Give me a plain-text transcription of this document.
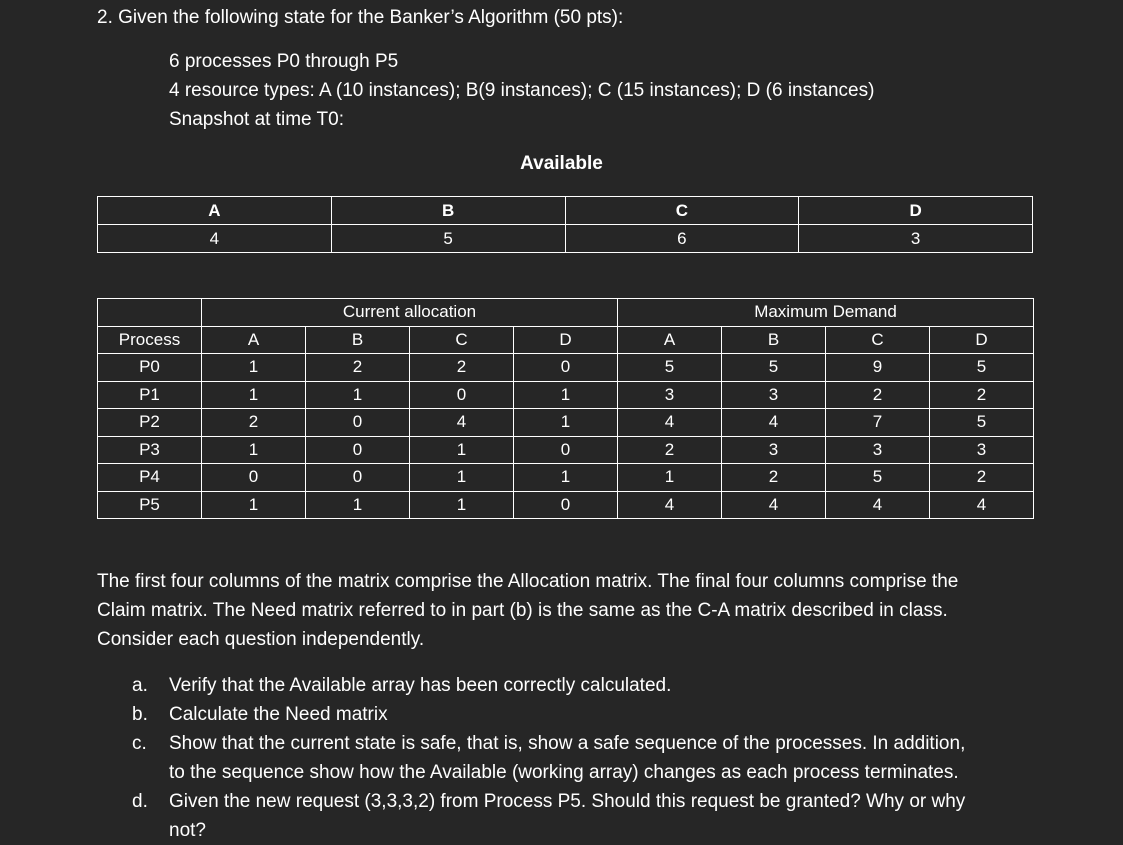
2. Given the following state for the Banker’s Algorithm (50 pts):
6 processes P0 through P5
4 resource types: A (10 instances); B(9 instances); C (15 instances); D (6 instances)
Snapshot at time T0:
Available
A	B	C	D
4	5	6	3
	Current allocation				Maximum Demand			
Process	A	B	C	D	A	B	C	D
P0	1	2	2	0	5	5	9	5
P1	1	1	0	1	3	3	2	2
P2	2	0	4	1	4	4	7	5
P3	1	0	1	0	2	3	3	3
P4	0	0	1	1	1	2	5	2
P5	1	1	1	0	4	4	4	4
The first four columns of the matrix comprise the Allocation matrix. The final four columns comprise the
Claim matrix. The Need matrix referred to in part (b) is the same as the C-A matrix described in class.
Consider each question independently.
a. Verify that the Available array has been correctly calculated.
b. Calculate the Need matrix
c. Show that the current state is safe, that is, show a safe sequence of the processes. In addition,
to the sequence show how the Available (working array) changes as each process terminates.
d. Given the new request (3,3,3,2) from Process P5. Should this request be granted? Why or why
not?
